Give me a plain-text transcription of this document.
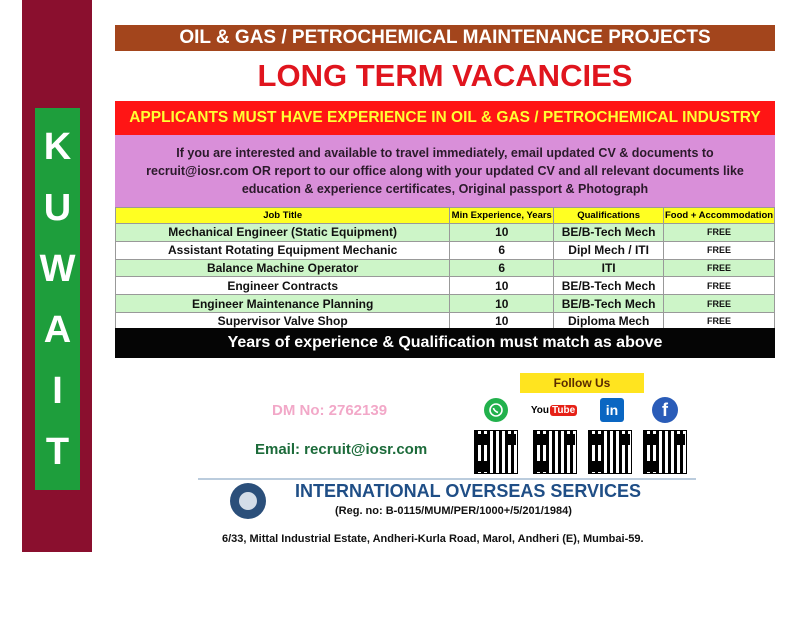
K
U
W
A
I
T
OIL & GAS / PETROCHEMICAL MAINTENANCE PROJECTS
LONG TERM VACANCIES
APPLICANTS MUST HAVE EXPERIENCE IN OIL & GAS / PETROCHEMICAL INDUSTRY
If you are interested and available to travel immediately, email updated CV & documents to
recruit@iosr.com OR report to our office along with your updated CV and all relevant documents like
education & experience certificates, Original passport & Photograph
Job Title	Min Experience, Years	Qualifications	Food + Accommodation
Mechanical Engineer (Static Equipment)	10	BE/B-Tech Mech	FREE
Assistant Rotating Equipment Mechanic	6	Dipl Mech / ITI	FREE
Balance Machine Operator	6	ITI	FREE
Engineer Contracts	10	BE/B-Tech Mech	FREE
Engineer Maintenance Planning	10	BE/B-Tech Mech	FREE
Supervisor Valve Shop	10	Diploma Mech	FREE
Years of experience & Qualification must match as above
Follow Us
DM No: 2762139	You Tube in f
Email: recruit@iosr.com
INTERNATIONAL OVERSEAS SERVICES
(Reg. no: B-0115/MUM/PER/1000+/5/201/1984)
6/33, Mittal Industrial Estate, Andheri-Kurla Road, Marol, Andheri (E), Mumbai-59.
